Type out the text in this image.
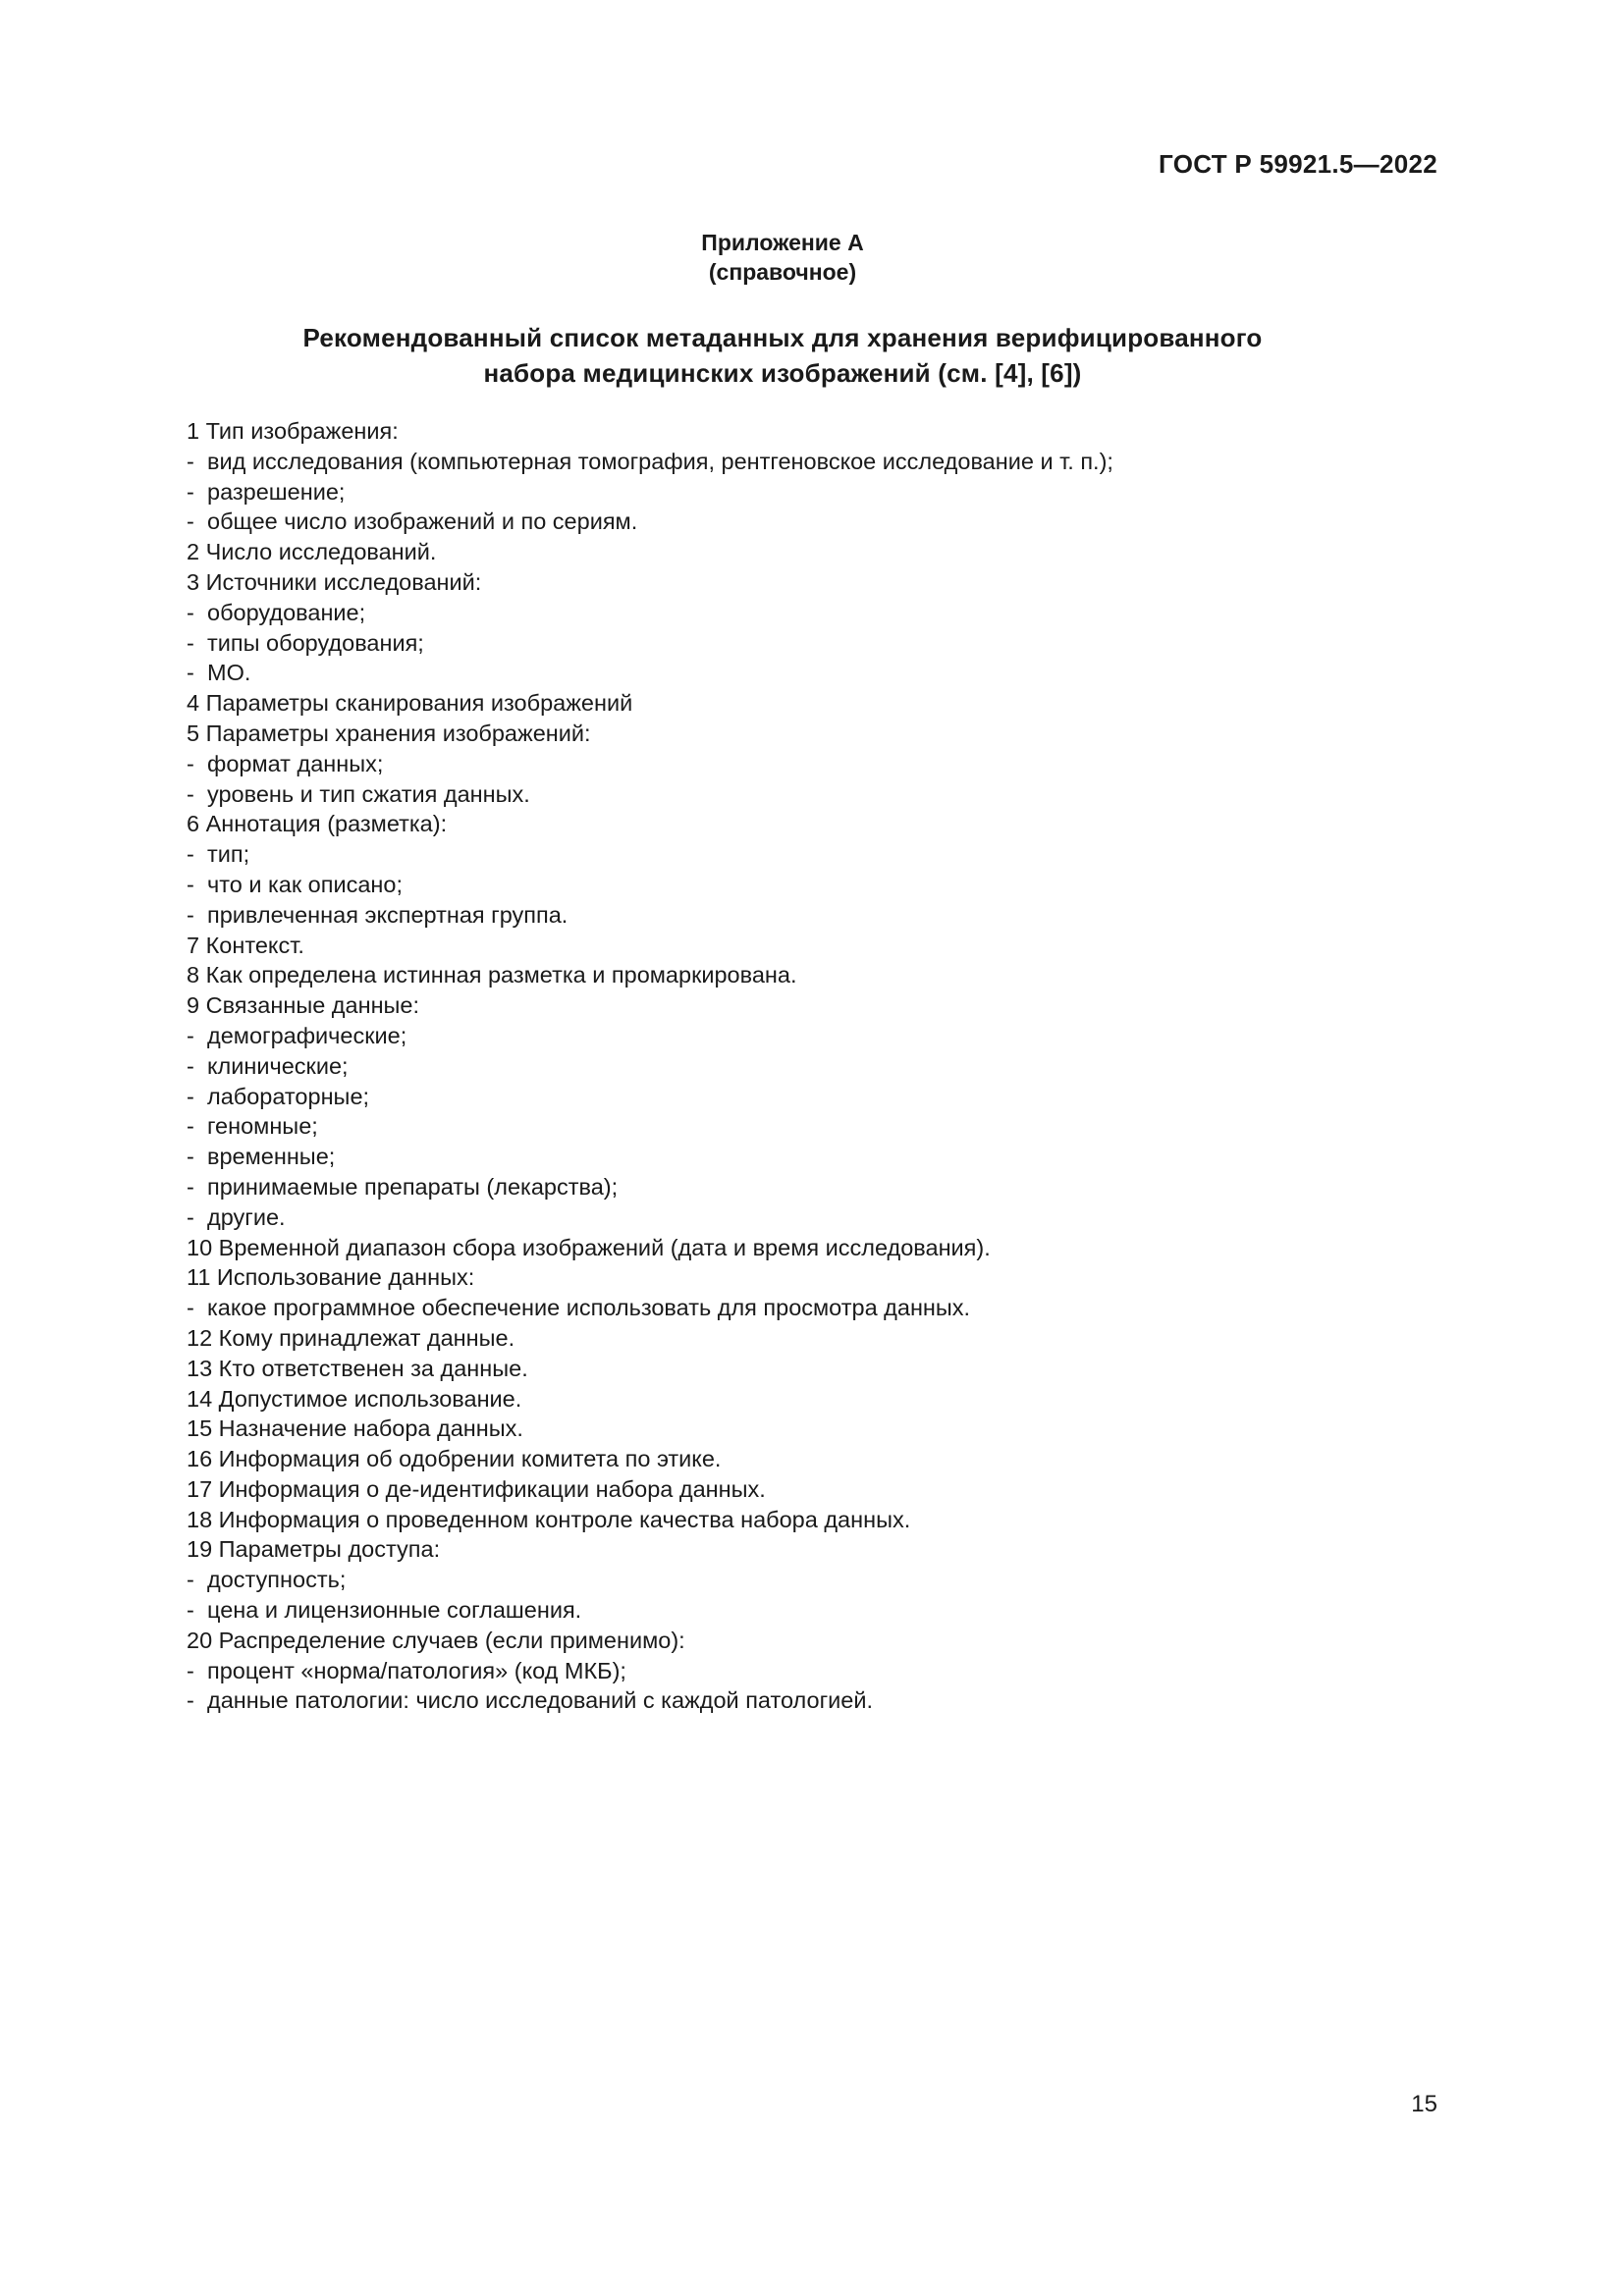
ГОСТ Р 59921.5—2022
Приложение А
(справочное)
Рекомендованный список метаданных для хранения верифицированного
набора медицинских изображений (см. [4], [6])
1 Тип изображения:
- вид исследования (компьютерная томография, рентгеновское исследование и т. п.);
- разрешение;
- общее число изображений и по сериям.
2 Число исследований.
3 Источники исследований:
- оборудование;
- типы оборудования;
- МО.
4 Параметры сканирования изображений
5 Параметры хранения изображений:
- формат данных;
- уровень и тип сжатия данных.
6 Аннотация (разметка):
- тип;
- что и как описано;
- привлеченная экспертная группа.
7 Контекст.
8 Как определена истинная разметка и промаркирована.
9 Связанные данные:
- демографические;
- клинические;
- лабораторные;
- геномные;
- временные;
- принимаемые препараты (лекарства);
- другие.
10 Временной диапазон сбора изображений (дата и время исследования).
11 Использование данных:
- какое программное обеспечение использовать для просмотра данных.
12 Кому принадлежат данные.
13 Кто ответственен за данные.
14 Допустимое использование.
15 Назначение набора данных.
16 Информация об одобрении комитета по этике.
17 Информация о де-идентификации набора данных.
18 Информация о проведенном контроле качества набора данных.
19 Параметры доступа:
- доступность;
- цена и лицензионные соглашения.
20 Распределение случаев (если применимо):
- процент «норма/патология» (код МКБ);
- данные патологии: число исследований с каждой патологией.
15
